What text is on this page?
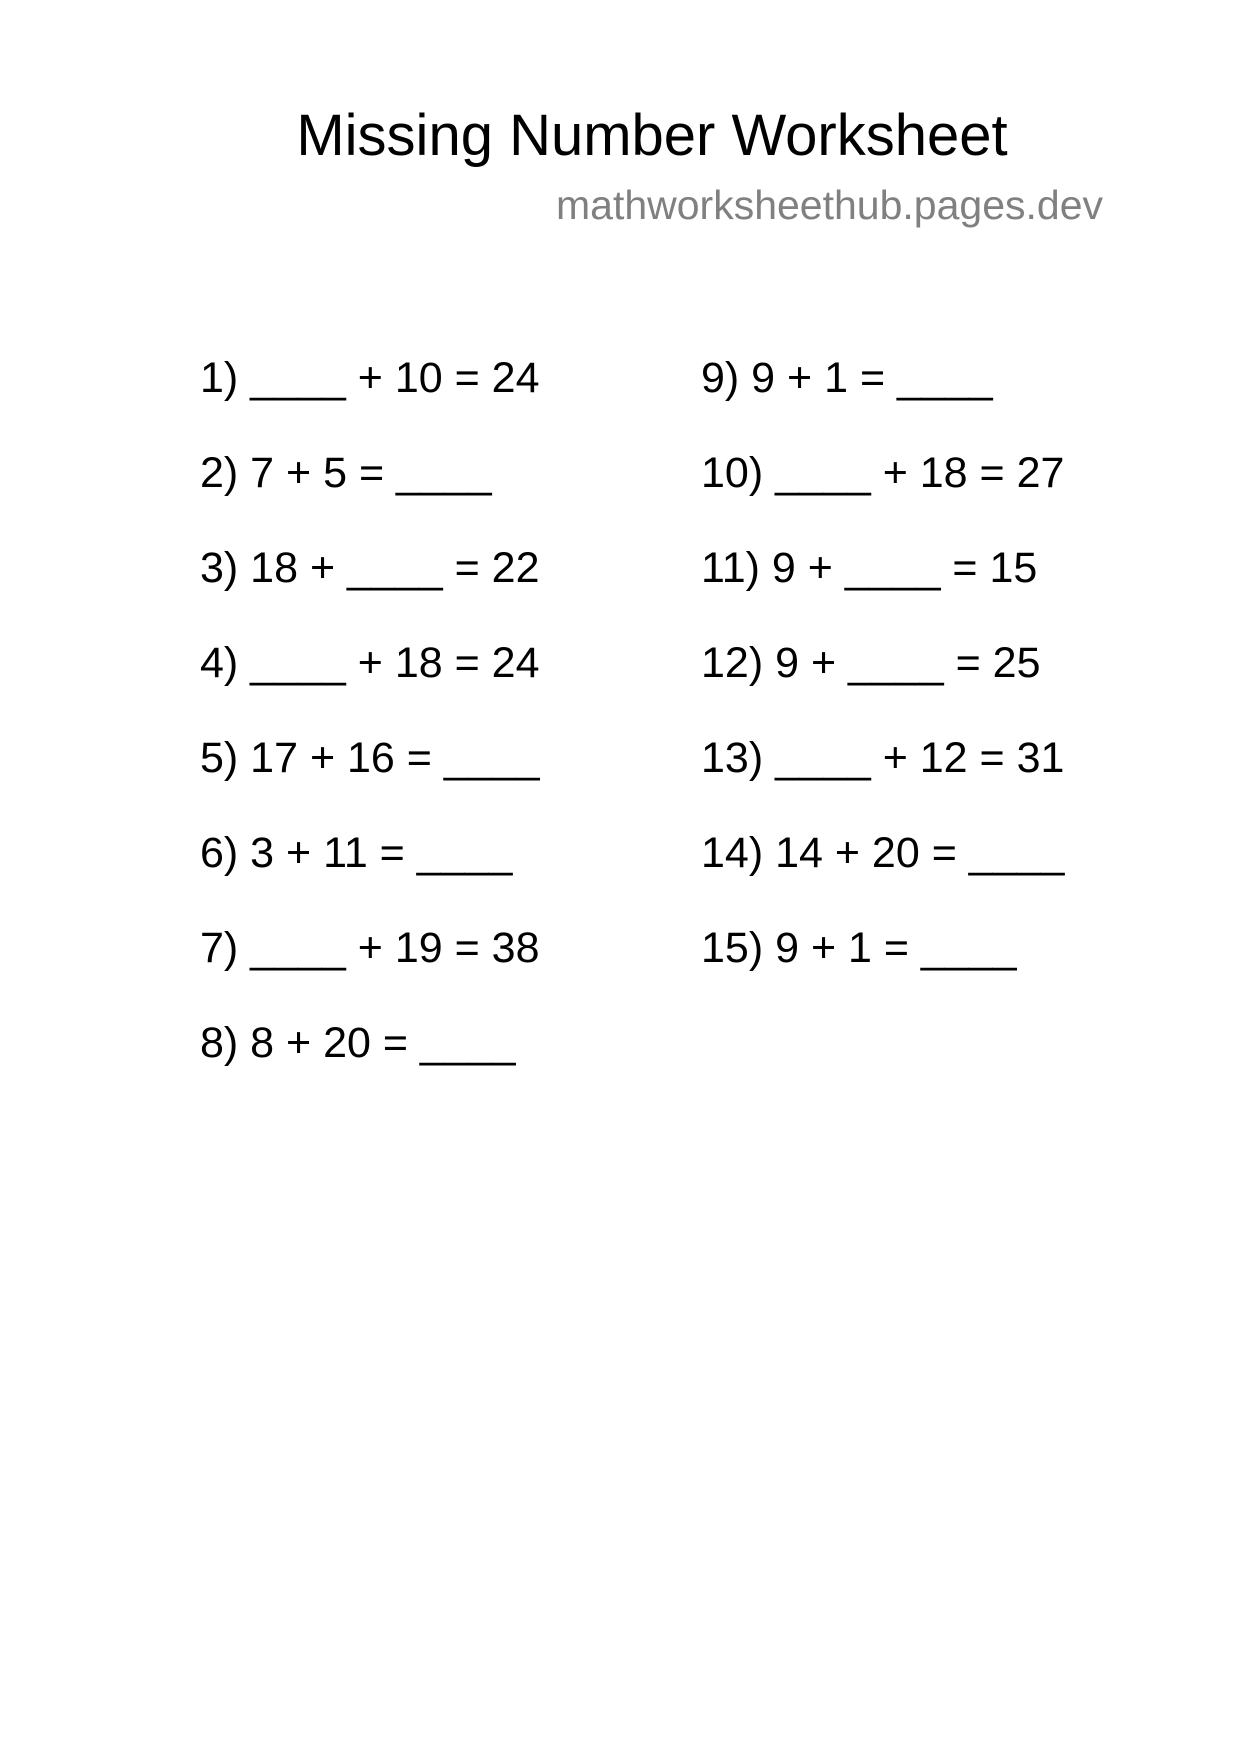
Missing Number Worksheet
mathworksheethub.pages.dev
1) ____ + 10 = 24
2) 7 + 5 = ____
3) 18 + ____ = 22
4) ____ + 18 = 24
5) 17 + 16 = ____
6) 3 + 11 = ____
7) ____ + 19 = 38
8) 8 + 20 = ____
9) 9 + 1 = ____
10) ____ + 18 = 27
11) 9 + ____ = 15
12) 9 + ____ = 25
13) ____ + 12 = 31
14) 14 + 20 = ____
15) 9 + 1 = ____
